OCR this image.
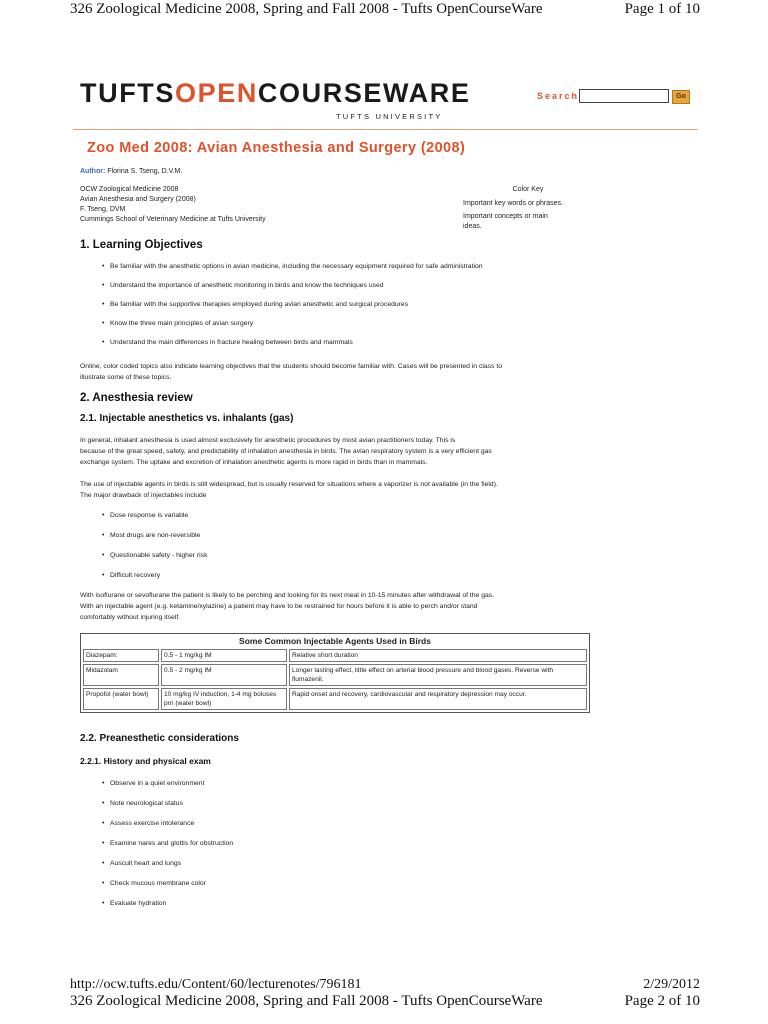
326 Zoological Medicine 2008, Spring and Fall 2008 - Tufts OpenCourseWare	Page 1 of 10
TUFTSOPENCOURSEWARE
TUFTS UNIVERSITY
Search	Go
Zoo Med 2008: Avian Anesthesia and Surgery (2008)
Author: Florina S. Tseng, D.V.M.
OCW Zoological Medicine 2008
Avian Anesthesia and Surgery (2008)
F. Tseng, DVM
Cummings School of Veterinary Medicine at Tufts University
Color Key
Important key words or phrases.
Important concepts or main
ideas.
1. Learning Objectives
• Be familiar with the anesthetic options in avian medicine, including the necessary equipment required for safe administration
• Understand the importance of anesthetic monitoring in birds and know the techniques used
• Be familiar with the supportive therapies employed during avian anesthetic and surgical procedures
• Know the three main principles of avian surgery
• Understand the main differences in fracture healing between birds and mammals
Online, color coded topics also indicate learning objectives that the students should become familiar with. Cases will be presented in class to
illustrate some of these topics.
2. Anesthesia review
2.1. Injectable anesthetics vs. inhalants (gas)
In general, inhalant anesthesia is used almost exclusively for anesthetic procedures by most avian practitioners today. This is
because of the great speed, safety, and predictability of inhalation anesthesia in birds. The avian respiratory system is a very efficient gas
exchange system. The uptake and excretion of inhalation anesthetic agents is more rapid in birds than in mammals.
The use of injectable agents in birds is still widespread, but is usually reserved for situations where a vaporizer is not available (in the field).
The major drawback of injectables include
• Dose response is variable
• Most drugs are non-reversible
• Questionable safety - higher risk
• Difficult recovery
With isoflurane or sevoflurane the patient is likely to be perching and looking for its next meal in 10-15 minutes after withdrawal of the gas.
With an injectable agent (e.g. ketamine/xylazine) a patient may have to be restrained for hours before it is able to perch and/or stand
comfortably without injuring itself.
Some Common Injectable Agents Used in Birds		
Diazepam:	0.5 - 1 mg/kg IM	Relative short duration
Midazolam	0.5 - 2 mg/kg IM	Longer lasting effect, little effect on arterial blood pressure and blood gases. Reverse with flumazenil.
Propofol (water bowl)	10 mg/kg IV induction, 1-4 mg boluses prn (water bowl)	Rapid onset and recovery, cardiovascular and respiratory depression may occur.
2.2. Preanesthetic considerations
2.2.1. History and physical exam
• Observe in a quiet environment
• Note neurological status
• Assess exercise intolerance
• Examine nares and glottis for obstruction
• Auscult heart and lungs
• Check mucous membrane color
• Evaluate hydration
http://ocw.tufts.edu/Content/60/lecturenotes/796181	2/29/2012
326 Zoological Medicine 2008, Spring and Fall 2008 - Tufts OpenCourseWare	Page 2 of 10
